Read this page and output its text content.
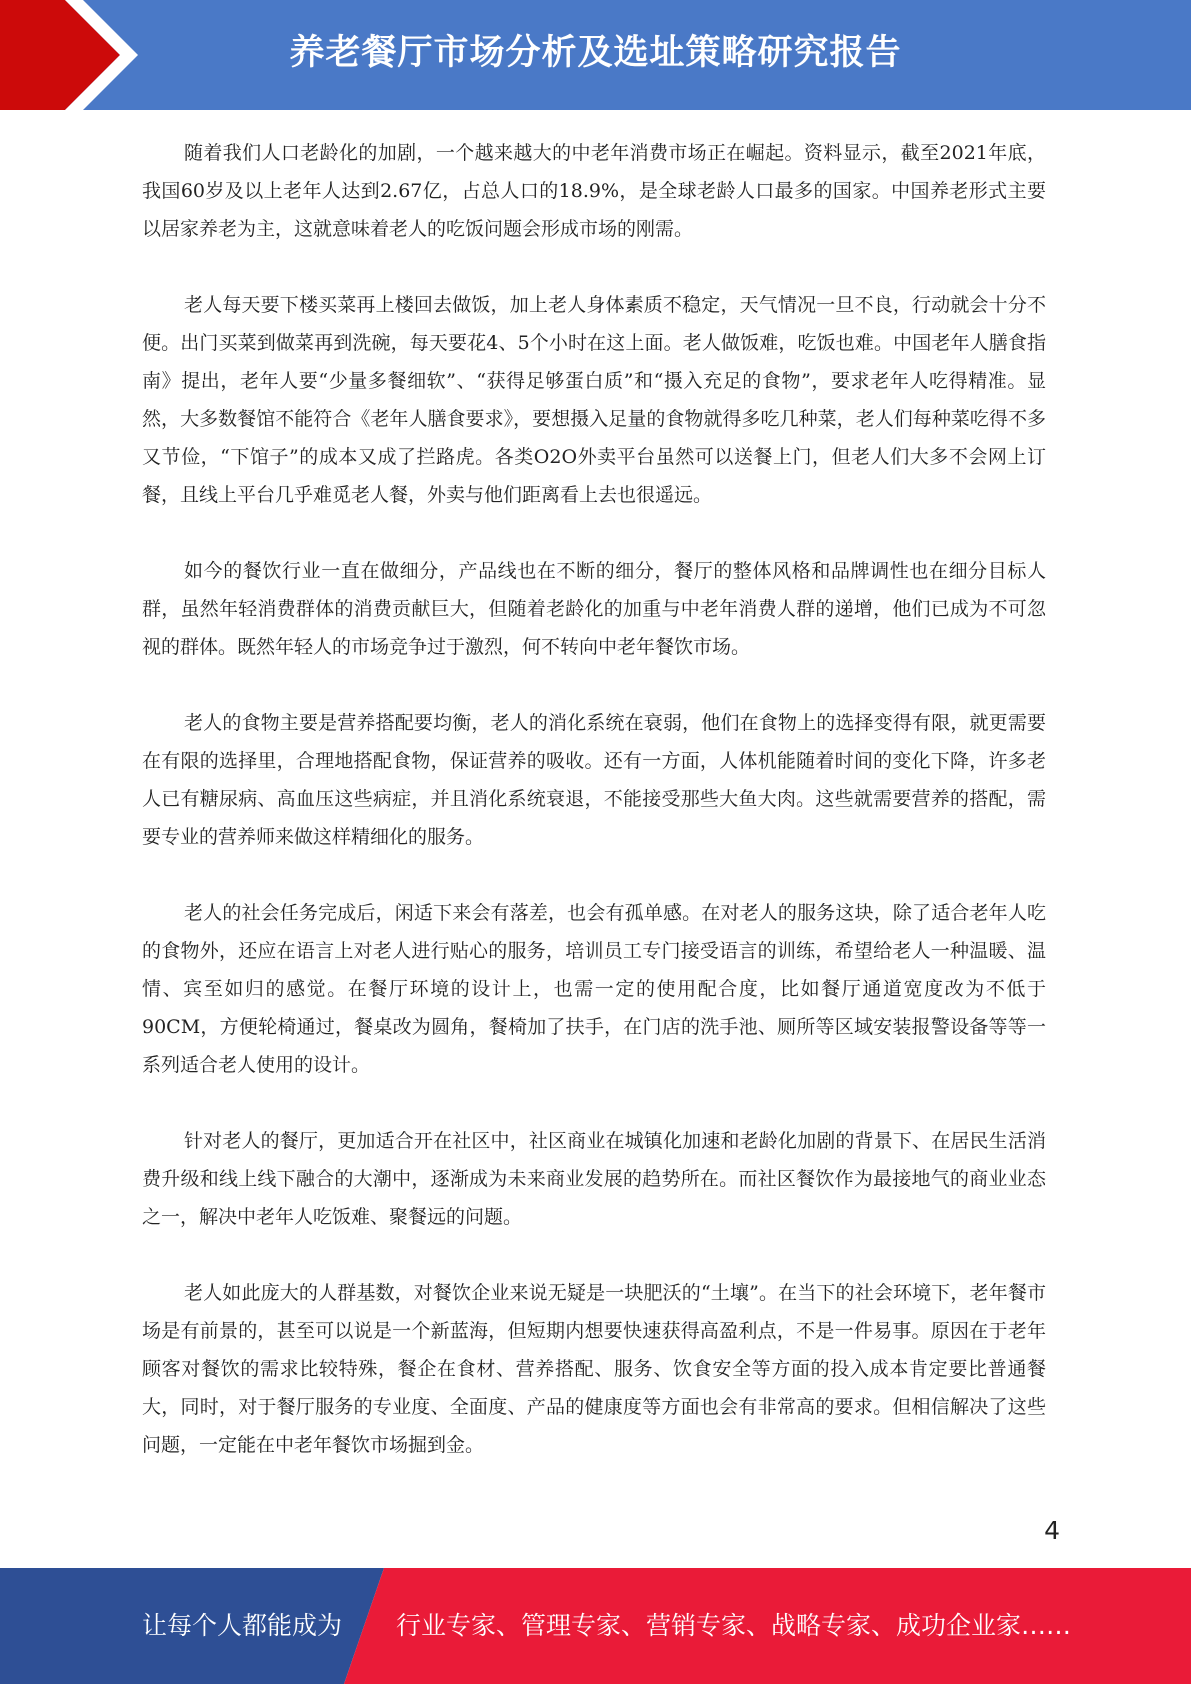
养老餐厅市场分析及选址策略研究报告

随着我们人口老龄化的加剧，一个越来越大的中老年消费市场正在崛起。资料显示，截至2021年底，我国60岁及以上老年人达到2.67亿，占总人口的18.9%，是全球老龄人口最多的国家。中国养老形式主要以居家养老为主，这就意味着老人的吃饭问题会形成市场的刚需。

老人每天要下楼买菜再上楼回去做饭，加上老人身体素质不稳定，天气情况一旦不良，行动就会十分不便。出门买菜到做菜再到洗碗，每天要花4、5个小时在这上面。老人做饭难，吃饭也难。中国老年人膳食指南》提出，老年人要“少量多餐细软”、“获得足够蛋白质”和“摄入充足的食物”，要求老年人吃得精准。显然，大多数餐馆不能符合《老年人膳食要求》，要想摄入足量的食物就得多吃几种菜，老人们每种菜吃得不多又节俭，“下馆子”的成本又成了拦路虎。各类O2O外卖平台虽然可以送餐上门，但老人们大多不会网上订餐，且线上平台几乎难觅老人餐，外卖与他们距离看上去也很遥远。

如今的餐饮行业一直在做细分，产品线也在不断的细分，餐厅的整体风格和品牌调性也在细分目标人群，虽然年轻消费群体的消费贡献巨大，但随着老龄化的加重与中老年消费人群的递增，他们已成为不可忽视的群体。既然年轻人的市场竞争过于激烈，何不转向中老年餐饮市场。

老人的食物主要是营养搭配要均衡，老人的消化系统在衰弱，他们在食物上的选择变得有限，就更需要在有限的选择里，合理地搭配食物，保证营养的吸收。还有一方面，人体机能随着时间的变化下降，许多老人已有糖尿病、高血压这些病症，并且消化系统衰退，不能接受那些大鱼大肉。这些就需要营养的搭配，需要专业的营养师来做这样精细化的服务。

老人的社会任务完成后，闲适下来会有落差，也会有孤单感。在对老人的服务这块，除了适合老年人吃的食物外，还应在语言上对老人进行贴心的服务，培训员工专门接受语言的训练，希望给老人一种温暖、温情、宾至如归的感觉。在餐厅环境的设计上，也需一定的使用配合度，比如餐厅通道宽度改为不低于90CM，方便轮椅通过，餐桌改为圆角，餐椅加了扶手，在门店的洗手池、厕所等区域安装报警设备等等一系列适合老人使用的设计。

针对老人的餐厅，更加适合开在社区中，社区商业在城镇化加速和老龄化加剧的背景下、在居民生活消费升级和线上线下融合的大潮中，逐渐成为未来商业发展的趋势所在。而社区餐饮作为最接地气的商业业态之一，解决中老年人吃饭难、聚餐远的问题。

老人如此庞大的人群基数，对餐饮企业来说无疑是一块肥沃的“土壤”。在当下的社会环境下，老年餐市场是有前景的，甚至可以说是一个新蓝海，但短期内想要快速获得高盈利点，不是一件易事。原因在于老年顾客对餐饮的需求比较特殊，餐企在食材、营养搭配、服务、饮食安全等方面的投入成本肯定要比普通餐大，同时，对于餐厅服务的专业度、全面度、产品的健康度等方面也会有非常高的要求。但相信解决了这些问题，一定能在中老年餐饮市场掘到金。

4
让每个人都能成为 行业专家、管理专家、营销专家、战略专家、成功企业家……
